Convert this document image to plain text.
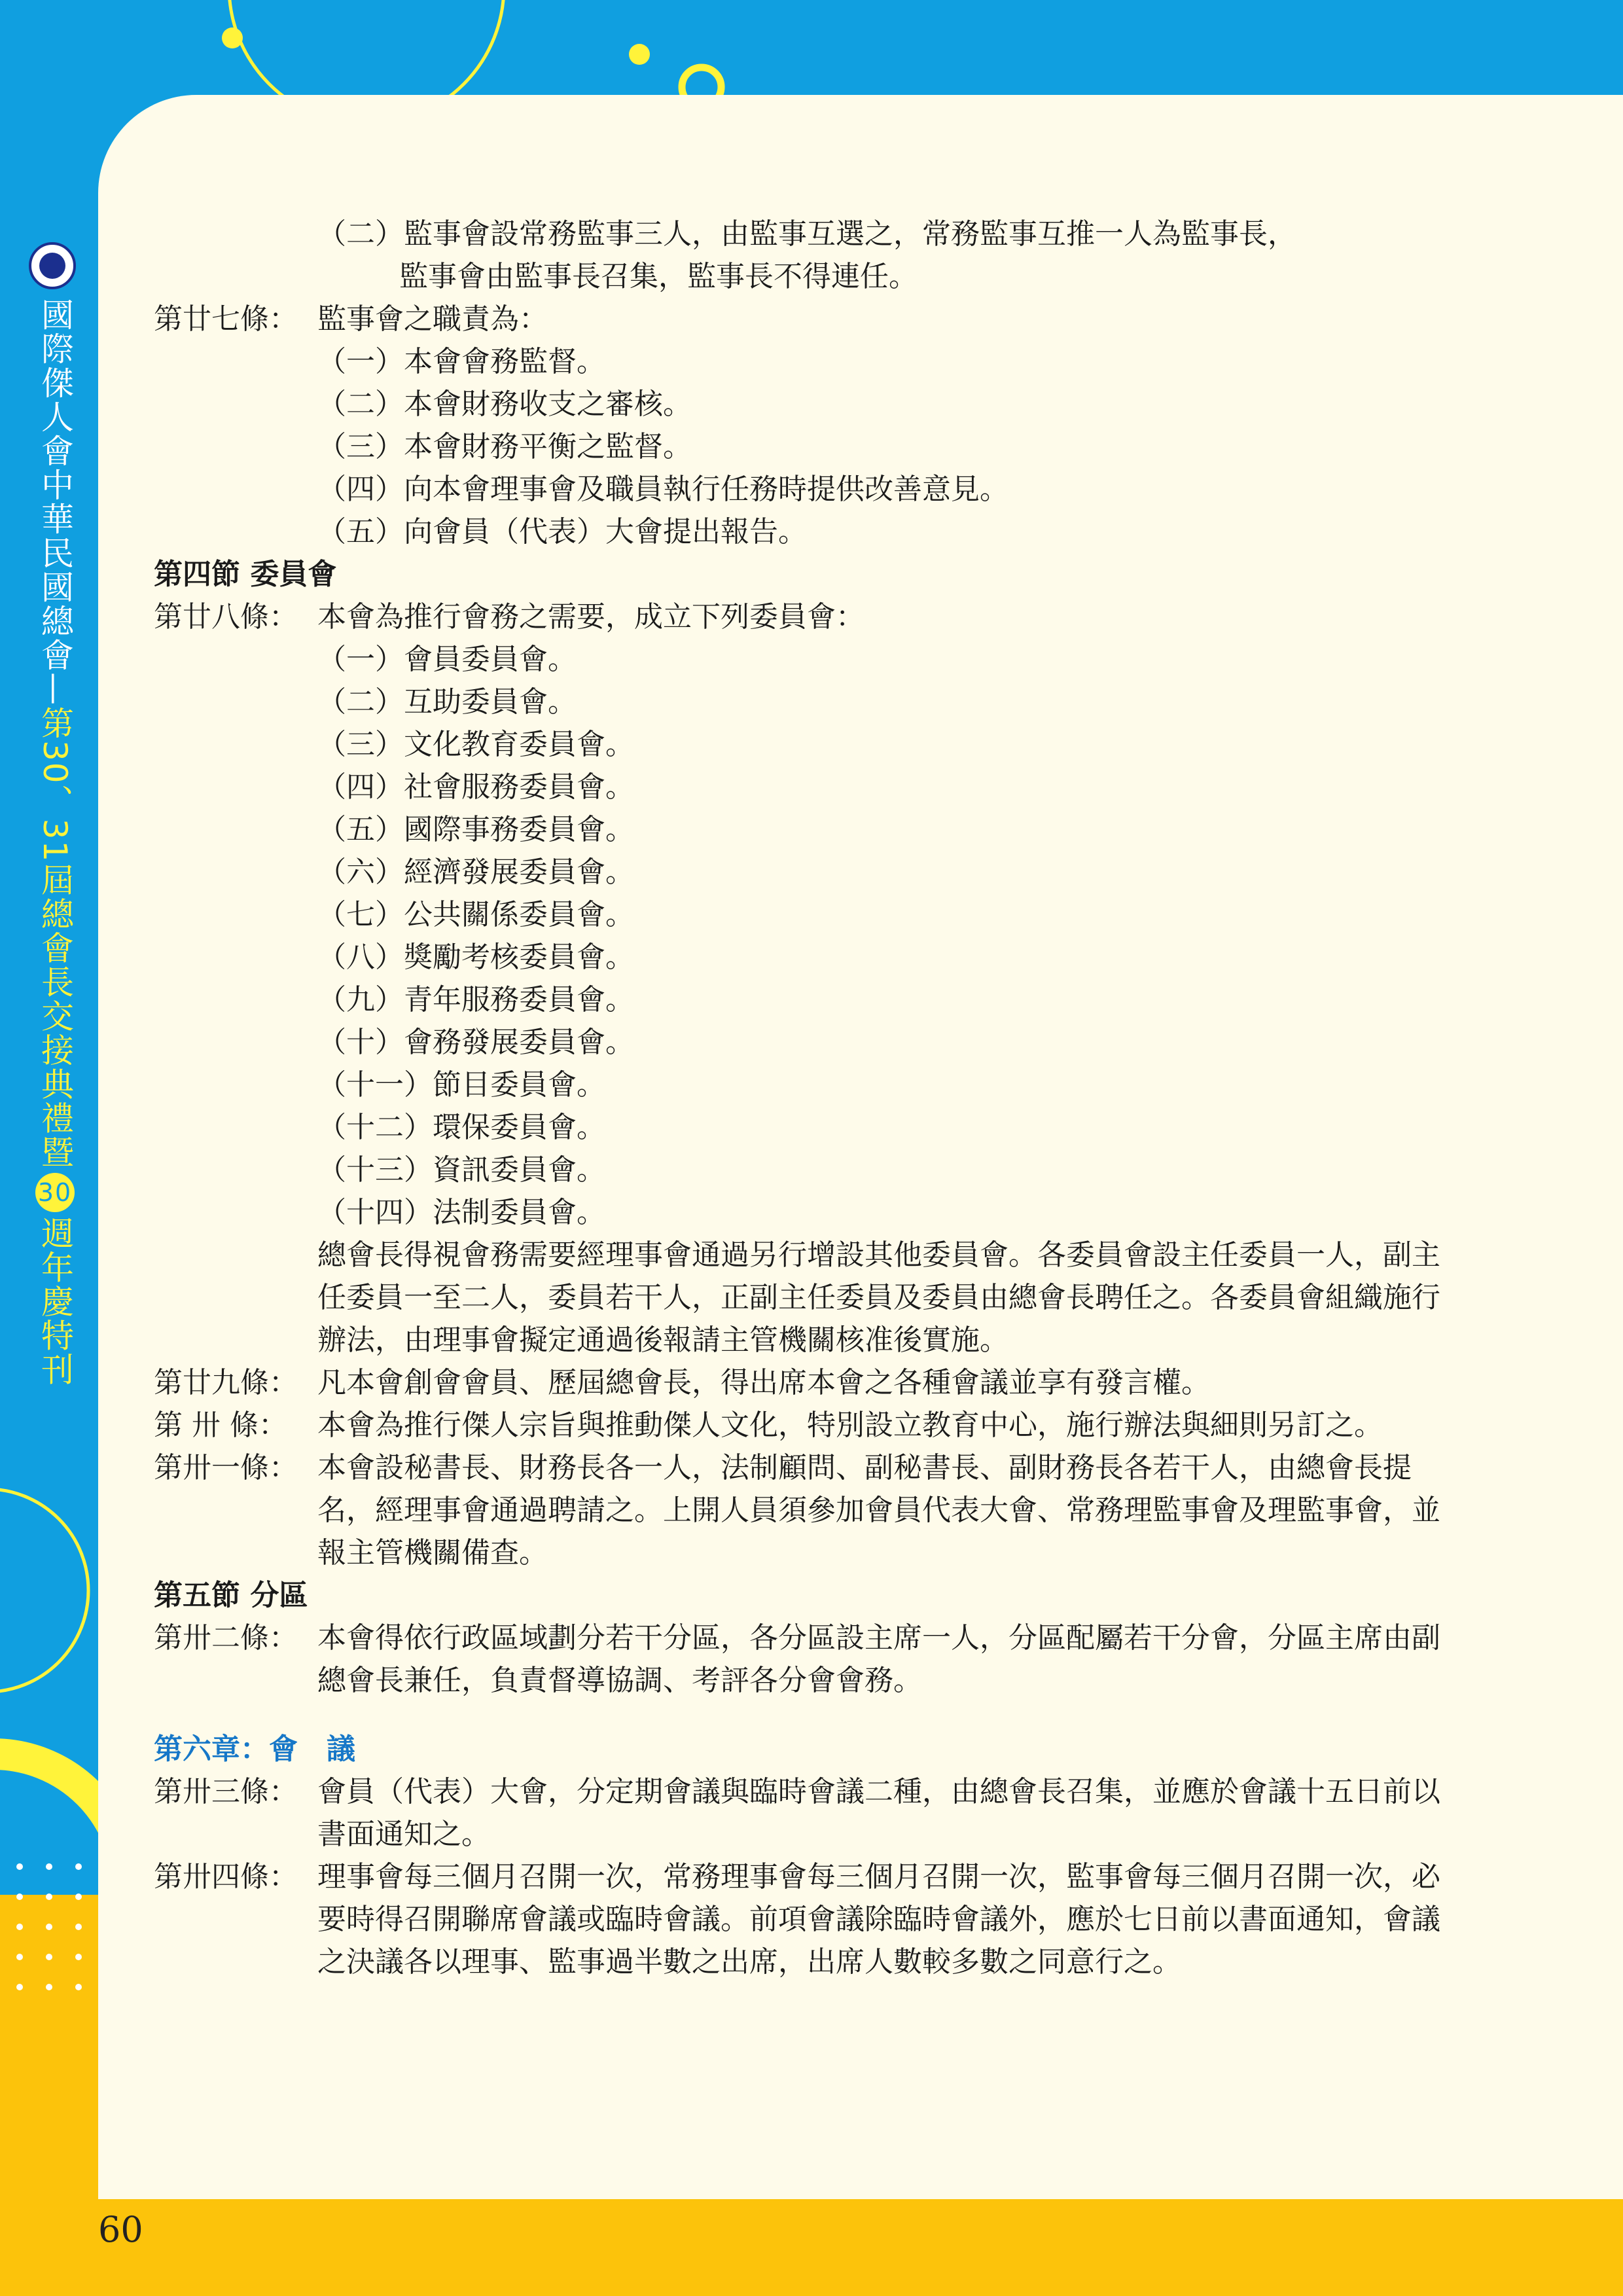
60
國際傑人會中華民國總會—第30、31屆總會長交接典禮暨30週年慶特刊
（二）監事會設常務監事三人，由監事互選之，常務監事互推一人為監事長，
監事會由監事長召集，監事長不得連任。
第廿七條： 監事會之職責為：
（一）本會會務監督。
（二）本會財務收支之審核。
（三）本會財務平衡之監督。
（四）向本會理事會及職員執行任務時提供改善意見。
（五）向會員（代表）大會提出報告。
第四節 委員會
第廿八條： 本會為推行會務之需要，成立下列委員會：
（一）會員委員會。
（二）互助委員會。
（三）文化教育委員會。
（四）社會服務委員會。
（五）國際事務委員會。
（六）經濟發展委員會。
（七）公共關係委員會。
（八）獎勵考核委員會。
（九）青年服務委員會。
（十）會務發展委員會。
（十一）節目委員會。
（十二）環保委員會。
（十三）資訊委員會。
（十四）法制委員會。
總會長得視會務需要經理事會通過另行增設其他委員會。各委員會設主任委員一人，副主任委員一至二人，委員若干人，正副主任委員及委員由總會長聘任之。各委員會組織施行辦法，由理事會擬定通過後報請主管機關核准後實施。
第廿九條： 凡本會創會會員、歷屆總會長，得出席本會之各種會議並享有發言權。
第 卅 條：	本會為推行傑人宗旨與推動傑人文化，特別設立教育中心，施行辦法與細則另訂之。
第卅一條： 本會設秘書長、財務長各一人，法制顧問、副秘書長、副財務長各若干人，由總會長提名，經理事會通過聘請之。上開人員須參加會員代表大會、常務理監事會及理監事會，並報主管機關備查。
第五節 分區
第卅二條： 本會得依行政區域劃分若干分區，各分區設主席一人，分區配屬若干分會，分區主席由副總會長兼任，負責督導協調、考評各分會會務。
第六章：會　議
第卅三條： 會員（代表）大會，分定期會議與臨時會議二種，由總會長召集，並應於會議十五日前以書面通知之。
第卅四條： 理事會每三個月召開一次，常務理事會每三個月召開一次，監事會每三個月召開一次，必要時得召開聯席會議或臨時會議。前項會議除臨時會議外，應於七日前以書面通知，會議之決議各以理事、監事過半數之出席，出席人數較多數之同意行之。
